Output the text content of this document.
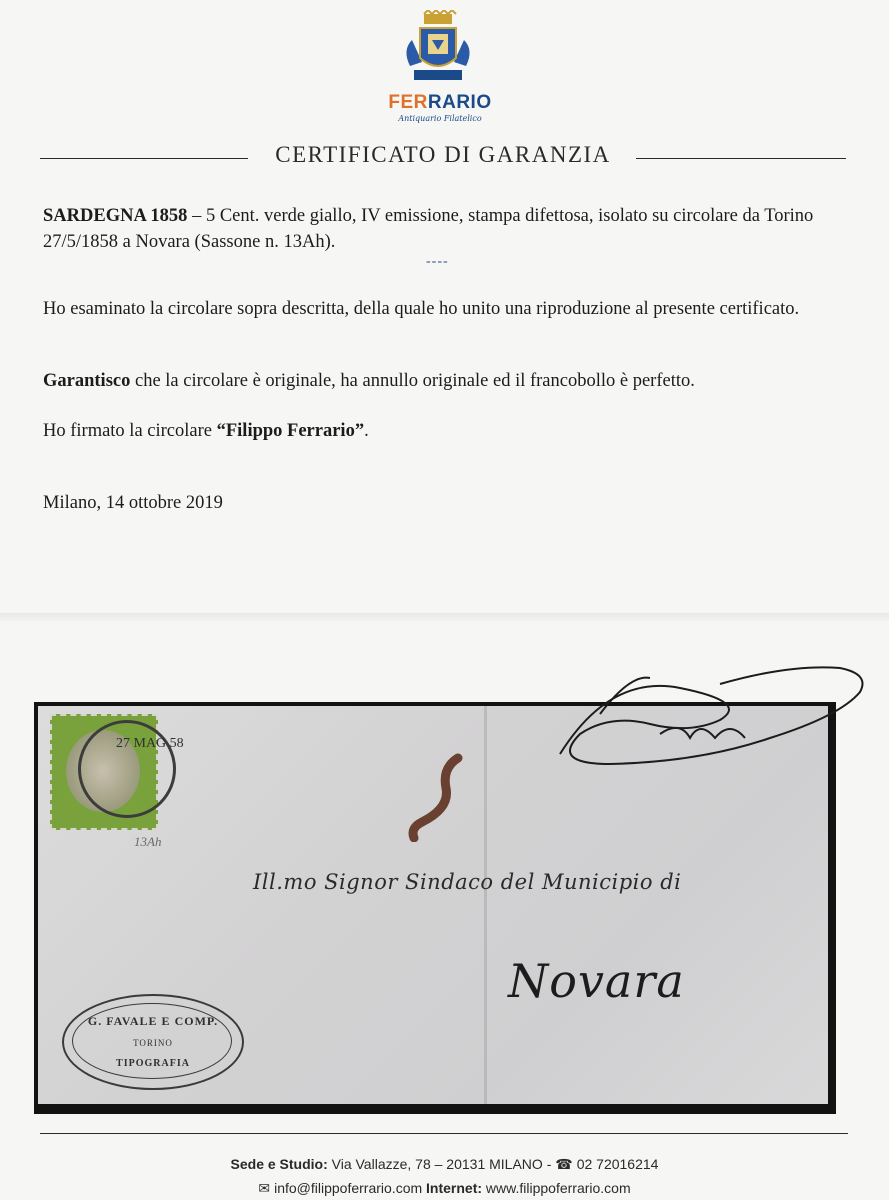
FERRARIO
Antiquario Filatelico
CERTIFICATO DI GARANZIA
SARDEGNA 1858 – 5 Cent. verde giallo, IV emissione, stampa difettosa, isolato su circolare da Torino 27/5/1858 a Novara (Sassone n. 13Ah).
----
Ho esaminato la circolare sopra descritta, della quale ho unito una riproduzione al presente certificato.
Garantisco che la circolare è originale, ha annullo originale ed il francobollo è perfetto.
Ho firmato la circolare “Filippo Ferrario”.
Milano, 14 ottobre 2019
27 MAG 58
13Ah
Ill.mo Signor Sindaco del Municipio di
Novara
G. FAVALE E COMP.
TORINO
TIPOGRAFIA
Sede e Studio: Via Vallazze, 78 – 20131 MILANO - ☎ 02 72016214
✉ info@filippoferrario.com Internet: www.filippoferrario.com
